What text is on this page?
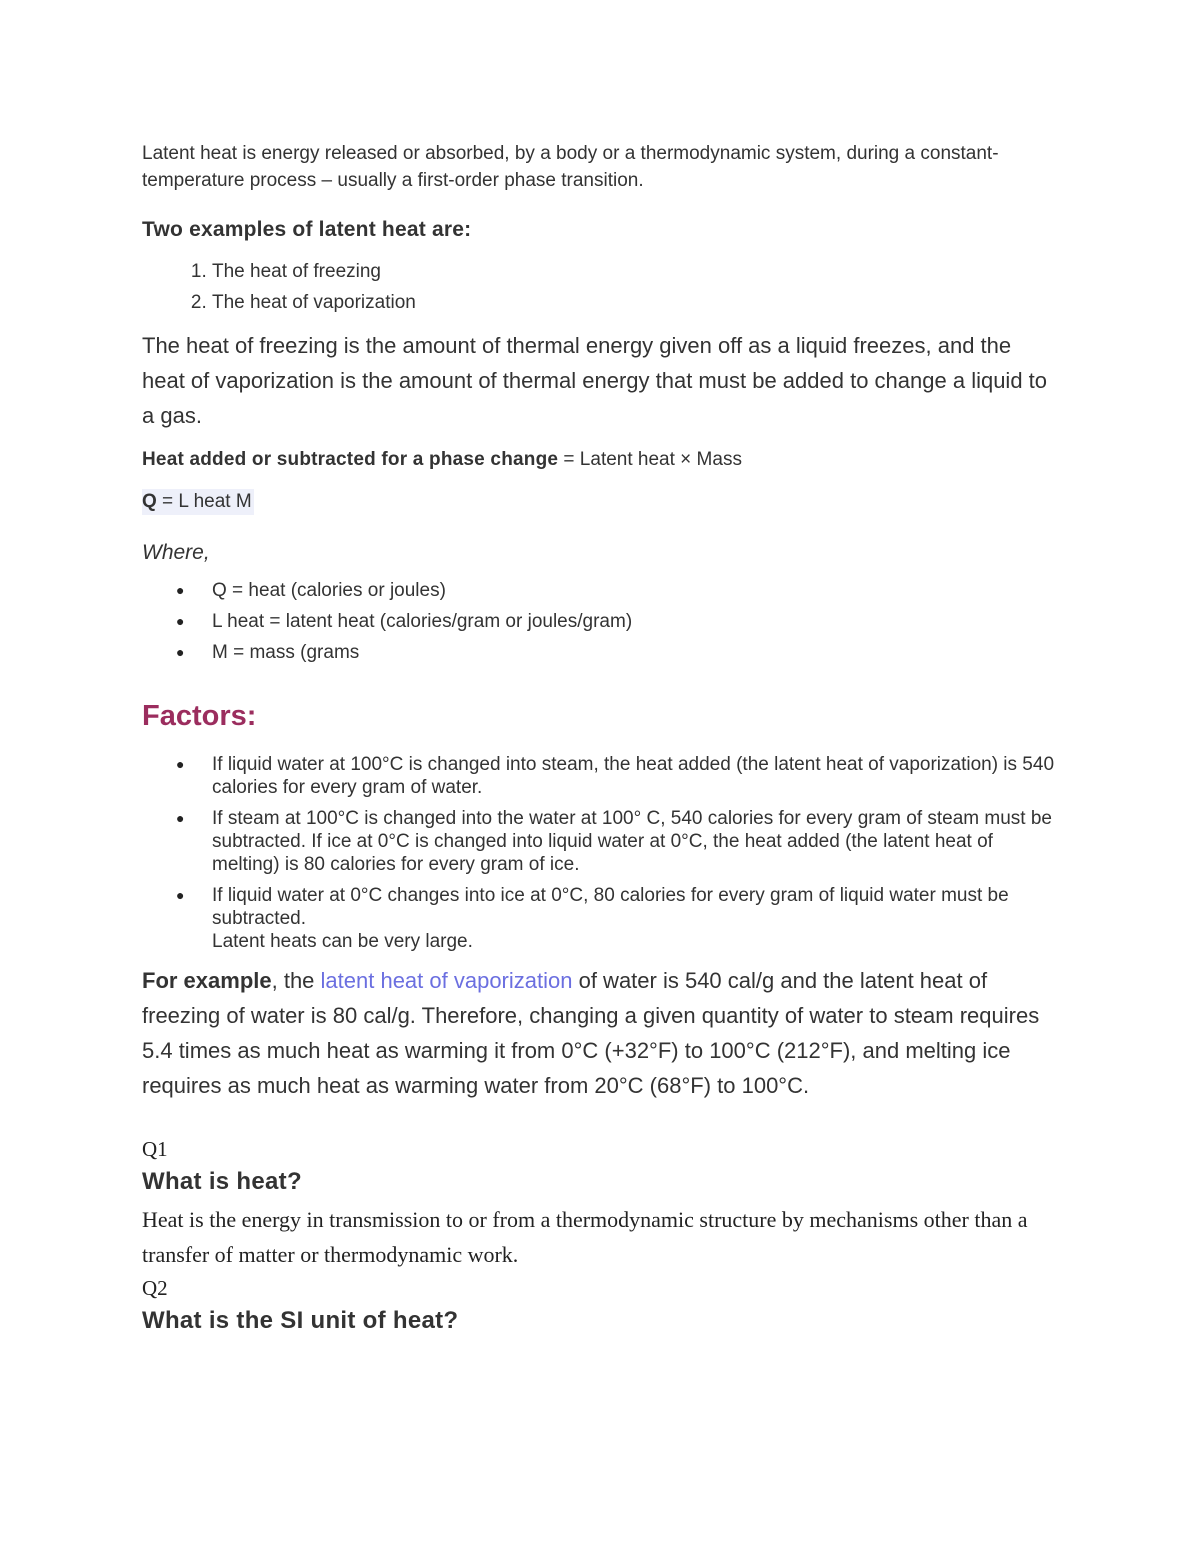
Latent heat is energy released or absorbed, by a body or a thermodynamic system, during a constant-temperature process – usually a first-order phase transition.

Two examples of latent heat are:
1. The heat of freezing
2. The heat of vaporization

The heat of freezing is the amount of thermal energy given off as a liquid freezes, and the heat of vaporization is the amount of thermal energy that must be added to change a liquid to a gas.

Heat added or subtracted for a phase change = Latent heat × Mass
Q = L heat M
Where,
● Q = heat (calories or joules)
● L heat = latent heat (calories/gram or joules/gram)
● M = mass (grams
Factors:
● If liquid water at 100°C is changed into steam, the heat added (the latent heat of vaporization) is 540 calories for every gram of water.
● If steam at 100°C is changed into the water at 100° C, 540 calories for every gram of steam must be subtracted. If ice at 0°C is changed into liquid water at 0°C, the heat added (the latent heat of melting) is 80 calories for every gram of ice.
● If liquid water at 0°C changes into ice at 0°C, 80 calories for every gram of liquid water must be subtracted.
Latent heats can be very large.

For example, the latent heat of vaporization of water is 540 cal/g and the latent heat of freezing of water is 80 cal/g. Therefore, changing a given quantity of water to steam requires 5.4 times as much heat as warming it from 0°C (+32°F) to 100°C (212°F), and melting ice requires as much heat as warming water from 20°C (68°F) to 100°C.

Q1
What is heat?

Heat is the energy in transmission to or from a thermodynamic structure by mechanisms other than a transfer of matter or thermodynamic work.

Q2
What is the SI unit of heat?
